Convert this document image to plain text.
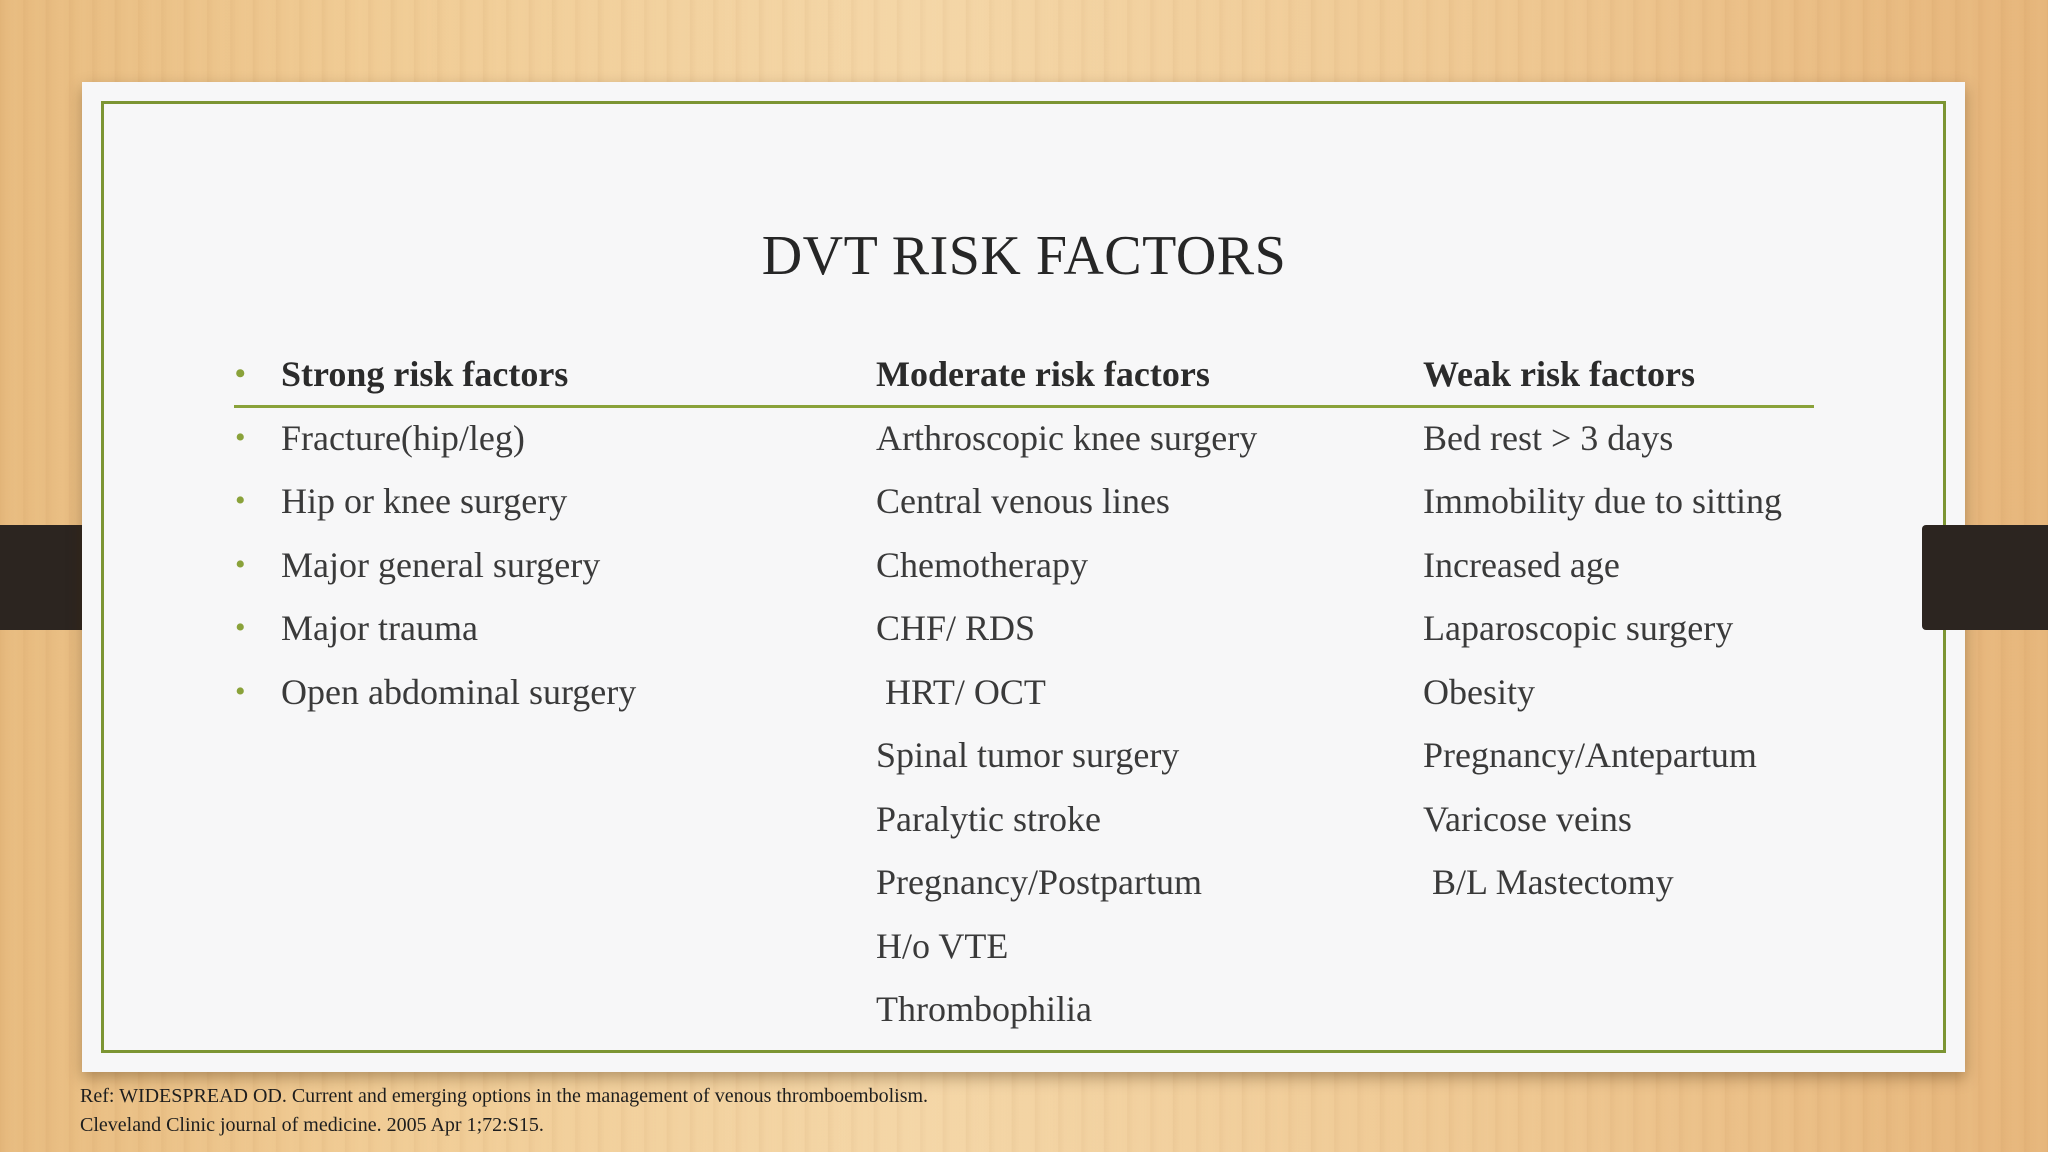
DVT RISK FACTORS
• Strong risk factors
• Fracture(hip/leg)
• Hip or knee surgery
• Major general surgery
• Major trauma
• Open abdominal surgery
Moderate risk factors
Arthroscopic knee surgery
Central venous lines
Chemotherapy
CHF/ RDS
HRT/ OCT
Spinal tumor surgery
Paralytic stroke
Pregnancy/Postpartum
H/o VTE
Thrombophilia
Weak risk factors
Bed rest > 3 days
Immobility due to sitting
Increased age
Laparoscopic surgery
Obesity
Pregnancy/Antepartum
Varicose veins
B/L Mastectomy
Ref: WIDESPREAD OD. Current and emerging options in the management of venous thromboembolism.
Cleveland Clinic journal of medicine. 2005 Apr 1;72:S15.
